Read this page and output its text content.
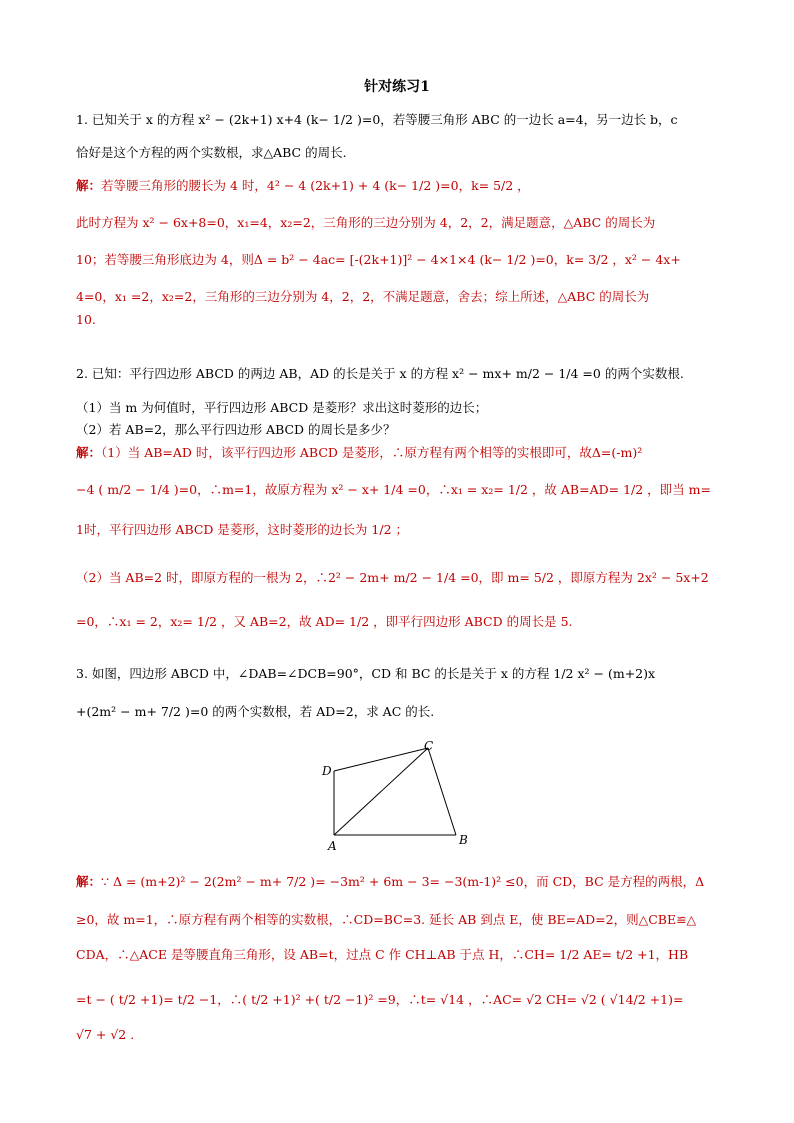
针对练习1
1. 已知关于 x 的方程 x² − (2k+1) x+4 (k− 1/2 )=0，若等腰三角形 ABC 的一边长 a=4，另一边长 b，c
恰好是这个方程的两个实数根，求△ABC 的周长.
解：若等腰三角形的腰长为 4 时，4² − 4 (2k+1) + 4 (k− 1/2 )=0，k= 5/2 ，
此时方程为 x² − 6x+8=0，x₁=4，x₂=2，三角形的三边分别为 4，2，2，满足题意，△ABC 的周长为
10；若等腰三角形底边为 4，则Δ = b² − 4ac= [-(2k+1)]² − 4×1×4 (k− 1/2 )=0，k= 3/2 ，x² − 4x+
4=0，x₁ =2，x₂=2，三角形的三边分别为 4，2，2，不满足题意，舍去；综上所述，△ABC 的周长为
10.
2. 已知：平行四边形 ABCD 的两边 AB，AD 的长是关于 x 的方程 x² − mx+ m/2 − 1/4 =0 的两个实数根.
（1）当 m 为何值时，平行四边形 ABCD 是菱形？求出这时菱形的边长；
（2）若 AB=2，那么平行四边形 ABCD 的周长是多少？
解：（1）当 AB=AD 时，该平行四边形 ABCD 是菱形，∴原方程有两个相等的实根即可，故Δ=(-m)²
−4 ( m/2 − 1/4 )=0，∴m=1，故原方程为 x² − x+ 1/4 =0，∴x₁ = x₂= 1/2 ，故 AB=AD= 1/2 ，即当 m=
1时，平行四边形 ABCD 是菱形，这时菱形的边长为 1/2 ；
（2）当 AB=2 时，即原方程的一根为 2，∴2² − 2m+ m/2 − 1/4 =0，即 m= 5/2 ，即原方程为 2x² − 5x+2
=0，∴x₁ = 2，x₂= 1/2 ，又 AB=2，故 AD= 1/2 ，即平行四边形 ABCD 的周长是 5.
3. 如图，四边形 ABCD 中，∠DAB=∠DCB=90°，CD 和 BC 的长是关于 x 的方程 1/2 x² − (m+2)x
+(2m² − m+ 7/2 )=0 的两个实数根，若 AD=2，求 AC 的长.
D
A	B
C
解：∵ Δ = (m+2)² − 2(2m² − m+ 7/2 )= −3m² + 6m − 3= −3(m-1)² ≤0，而 CD，BC 是方程的两根，Δ
≥0，故 m=1，∴原方程有两个相等的实数根，∴CD=BC=3. 延长 AB 到点 E，使 BE=AD=2，则△CBE≌△
CDA，∴△ACE 是等腰直角三角形，设 AB=t，过点 C 作 CH⊥AB 于点 H，∴CH= 1/2 AE= t/2 +1，HB
=t − ( t/2 +1)= t/2 −1，∴( t/2 +1)² +( t/2 −1)² =9，∴t= √14 ，∴AC= √2 CH= √2 ( √14/2 +1)=
√7 + √2 .
